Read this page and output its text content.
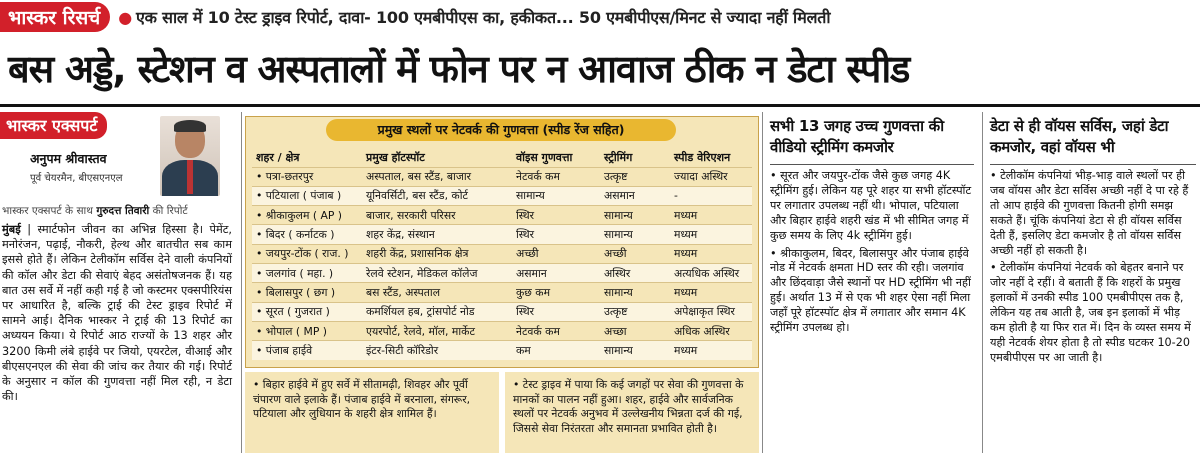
भास्कर रिसर्च	● एक साल में 10 टेस्ट ड्राइव रिपोर्ट, दावा- 100 एमबीपीएस का, हकीकत... 50 एमबीपीएस/मिनट से ज्यादा नहीं मिलती
बस अड्डे, स्टेशन व अस्पतालों में फोन पर न आवाज ठीक न डेटा स्पीड
भास्कर एक्सपर्ट
अनुपम श्रीवास्तव
पूर्व चेयरमैन, बीएसएनएल
भास्कर एक्सपर्ट के साथ गुरुदत्त तिवारी की रिपोर्ट
मुंबई | स्मार्टफोन जीवन का अभिन्न हिस्सा है। पेमेंट, मनोरंजन, पढ़ाई, नौकरी, हेल्थ और बातचीत सब काम इससे होते हैं। लेकिन टेलीकॉम सर्विस देने वाली कंपनियों की कॉल और डेटा की सेवाएं बेहद असंतोषजनक हैं। यह बात उस सर्वे में नहीं कही गई है जो कस्टमर एक्सपीरियंस पर आधारित है, बल्कि ट्राई की टेस्ट ड्राइव रिपोर्ट में सामने आई। दैनिक भास्कर ने ट्राई की 13 रिपोर्ट का अध्ययन किया। ये रिपोर्ट आठ राज्यों के 13 शहर और 3200 किमी लंबे हाईवे पर जियो, एयरटेल, वीआई और बीएसएनएल की सेवा की जांच कर तैयार की गई। रिपोर्ट के अनुसार न कॉल की गुणवत्ता नहीं मिल रही, न डेटा की।
प्रमुख स्थलों पर नेटवर्क की गुणवत्ता (स्पीड रेंज सहित)
शहर / क्षेत्र	प्रमुख हॉटस्पॉट	वॉइस गुणवत्ता	स्ट्रीमिंग	स्पीड वेरिएशन
• पत्रा-छतरपुर	अस्पताल, बस स्टैंड, बाजार	नेटवर्क कम	उत्कृष्ट	ज्यादा अस्थिर
• पटियाला ( पंजाब )	यूनिवर्सिटी, बस स्टैंड, कोर्ट	सामान्य	असमान	-
• श्रीकाकुलम ( AP )	बाजार, सरकारी परिसर	स्थिर	सामान्य	मध्यम
• बिदर ( कर्नाटक )	शहर केंद्र, संस्थान	स्थिर	सामान्य	मध्यम
• जयपुर-टोंक ( राज. )	शहरी केंद्र, प्रशासनिक क्षेत्र	अच्छी	अच्छी	मध्यम
• जलगांव ( महा. )	रेलवे स्टेशन, मेडिकल कॉलेज	असमान	अस्थिर	अत्यधिक अस्थिर
• बिलासपुर ( छग )	बस स्टैंड, अस्पताल	कुछ कम	सामान्य	मध्यम
• सूरत ( गुजरात )	कमर्शियल हब, ट्रांसपोर्ट नोड	स्थिर	उत्कृष्ट	अपेक्षाकृत स्थिर
• भोपाल ( MP )	एयरपोर्ट, रेलवे, मॉल, मार्केट	नेटवर्क कम	अच्छा	अधिक अस्थिर
• पंजाब हाईवे	इंटर-सिटी कॉरिडोर	कम	सामान्य	मध्यम
• बिहार हाईवे में हुए सर्वे में सीतामढ़ी, शिवहर और पूर्वी चंपारण वाले इलाके हैं। पंजाब हाईवे में बरनाला, संगरूर, पटियाला और लुधियान के शहरी क्षेत्र शामिल हैं।
• टेस्ट ड्राइव में पाया कि कई जगहों पर सेवा की गुणवत्ता के मानकों का पालन नहीं हुआ। शहर, हाईवे और सार्वजनिक स्थलों पर नेटवर्क अनुभव में उल्लेखनीय भिन्नता दर्ज की गई, जिससे सेवा निरंतरता और समानता प्रभावित होती है।
सभी 13 जगह उच्च गुणवत्ता की वीडियो स्ट्रीमिंग कमजोर
• सूरत और जयपुर-टोंक जैसे कुछ जगह 4K स्ट्रीमिंग हुई। लेकिन यह पूरे शहर या सभी हॉटस्पॉट पर लगातार उपलब्ध नहीं थी। भोपाल, पटियाला और बिहार हाईवे शहरी खंड में भी सीमित जगह में कुछ समय के लिए 4k स्ट्रीमिंग हुई।
• श्रीकाकुलम, बिदर, बिलासपुर और पंजाब हाईवे नोड में नेटवर्क क्षमता HD स्तर की रही। जलगांव और छिंदवाड़ा जैसे स्थानों पर HD स्ट्रीमिंग भी नहीं हुई। अर्थात 13 में से एक भी शहर ऐसा नहीं मिला जहाँ पूरे हॉटस्पॉट क्षेत्र में लगातार और समान 4K स्ट्रीमिंग उपलब्ध हो।
डेटा से ही वॉयस सर्विस, जहां डेटा कमजोर, वहां वॉयस भी
• टेलीकॉम कंपनियां भीड़-भाड़ वाले स्थलों पर ही जब वॉयस और डेटा सर्विस अच्छी नहीं दे पा रहे हैं तो आप हाईवे की गुणवत्ता कितनी होगी समझ सकते हैं। चूंकि कंपनियां डेटा से ही वॉयस सर्विस देती हैं, इसलिए डेटा कमजोर है तो वॉयस सर्विस अच्छी नहीं हो सकती है।
• टेलीकॉम कंपनियां नेटवर्क को बेहतर बनाने पर जोर नहीं दे रहीं। वे बताती हैं कि शहरों के प्रमुख इलाकों में उनकी स्पीड 100 एमबीपीएस तक है, लेकिन यह तब आती है, जब इन इलाकों में भीड़ कम होती है या फिर रात में। दिन के व्यस्त समय में यही नेटवर्क शेयर होता है तो स्पीड घटकर 10-20 एमबीपीएस पर आ जाती है।
